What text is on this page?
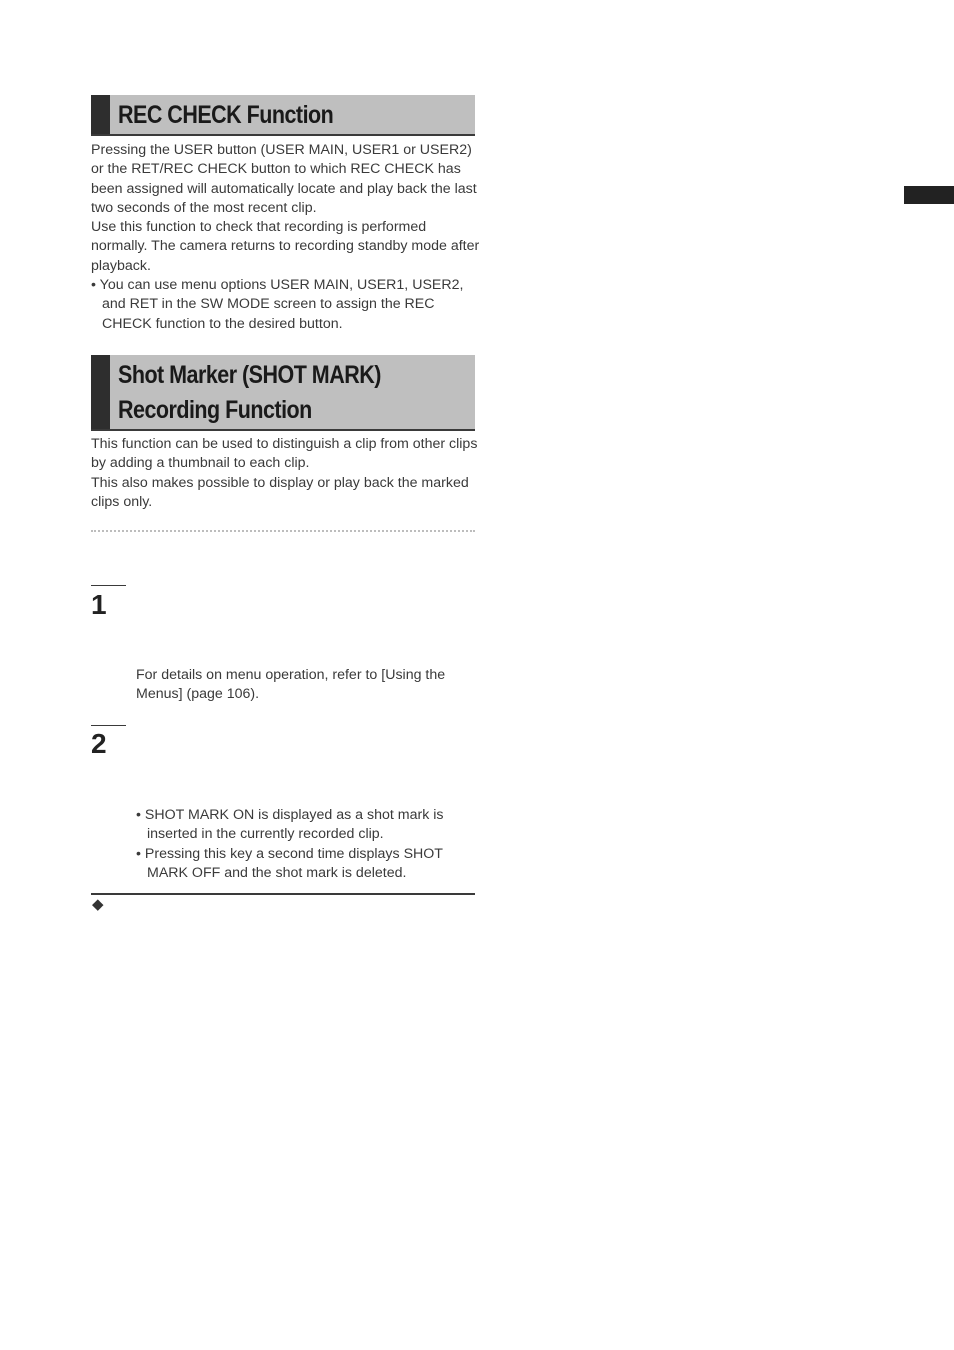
REC CHECK Function

Pressing the USER button (USER MAIN, USER1 or USER2) or the RET/REC CHECK button to which REC CHECK has been assigned will automatically locate and play back the last two seconds of the most recent clip.

Use this function to check that recording is performed normally. The camera returns to recording standby mode after playback.

• You can use menu options USER MAIN, USER1, USER2, and RET in the SW MODE screen to assign the REC CHECK function to the desired button.

Shot Marker (SHOT MARK)
Recording Function

This function can be used to distinguish a clip from other clips by adding a thumbnail to each clip.

This also makes possible to display or play back the marked clips only.

1

For details on menu operation, refer to [Using the Menus] (page 106).

2

• SHOT MARK ON is displayed as a shot mark is inserted in the currently recorded clip.

• Pressing this key a second time displays SHOT MARK OFF and the shot mark is deleted.

◆
